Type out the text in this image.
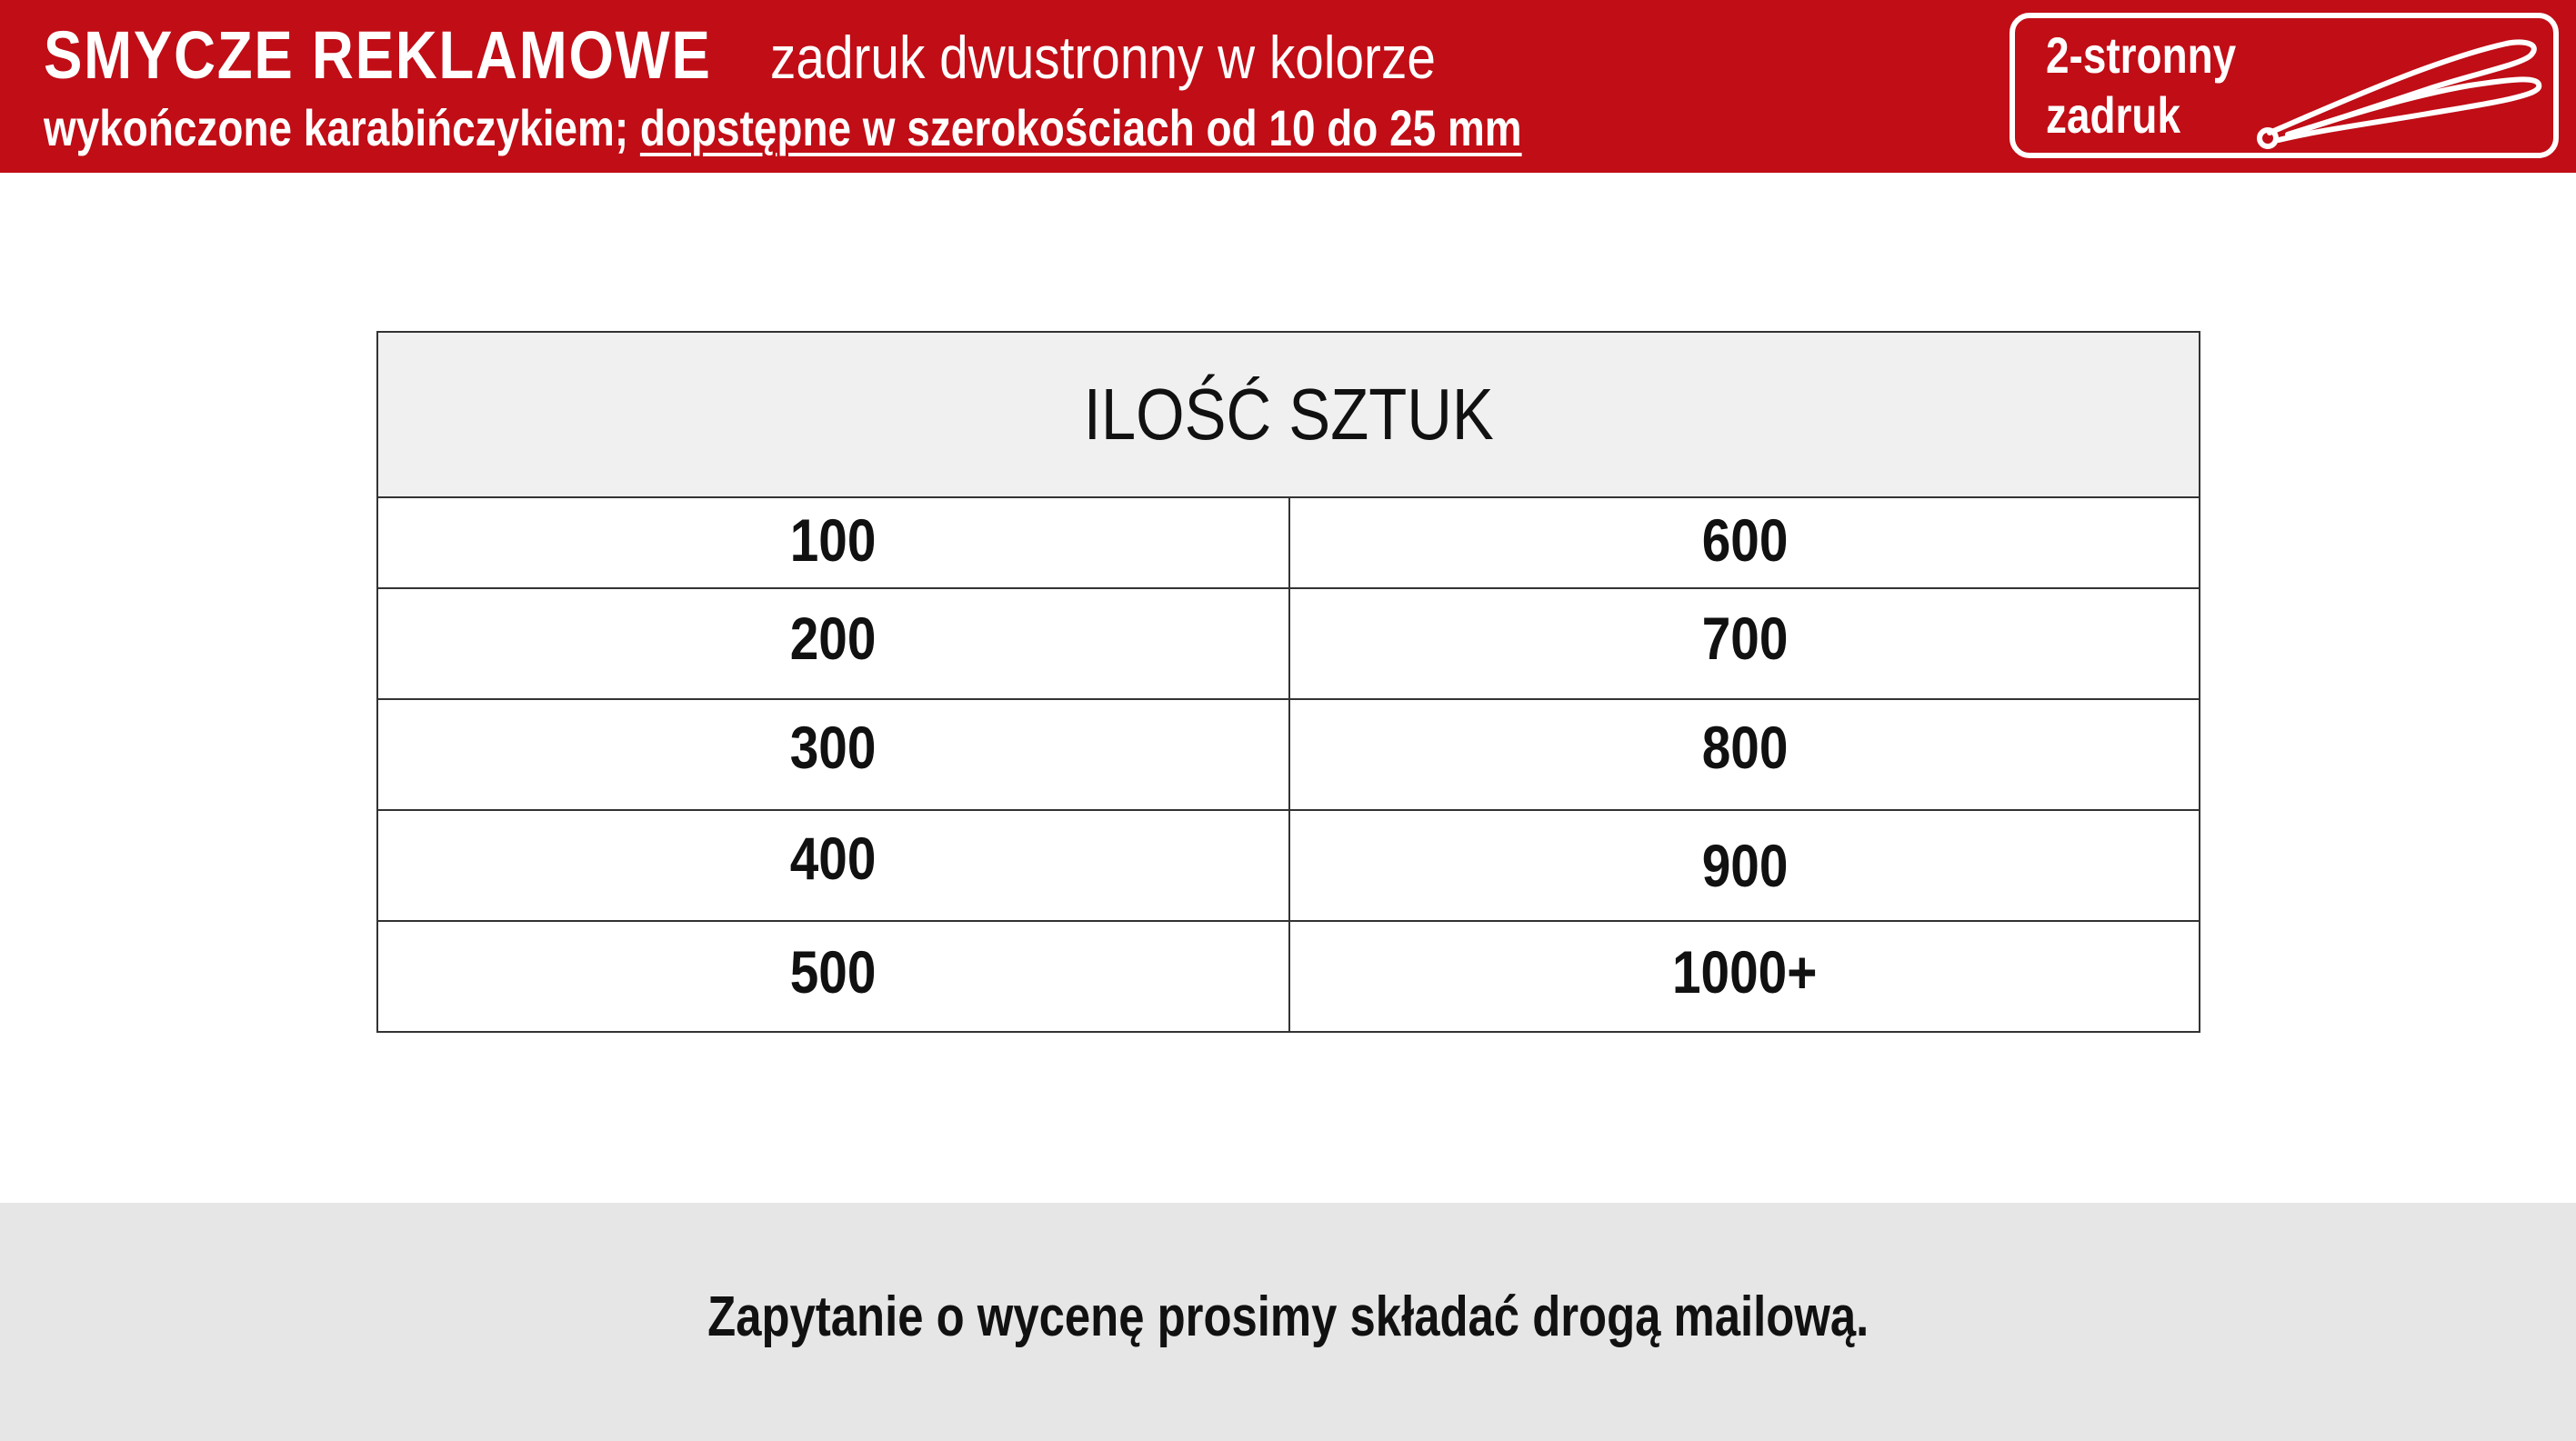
SMYCZE REKLAMOWE zadruk dwustronny w kolorze
wykończone karabińczykiem; dopstępne w szerokościach od 10 do 25 mm
2-stronny
zadruk
ILOŚĆ SZTUK
100
200
300
400
500
600
700
800
900
1000+
Zapytanie o wycenę prosimy składać drogą mailową.
